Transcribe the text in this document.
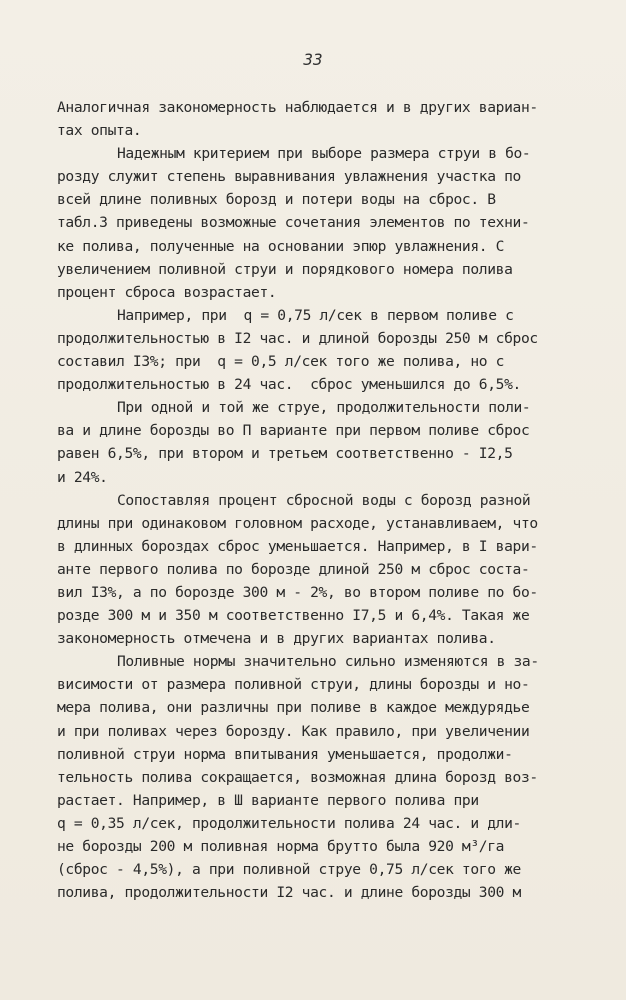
33
Аналогичная закономерность наблюдается и в других вариан-
тах опыта.
Надежным критерием при выборе размера струи в бо-
розду служит степень выравнивания увлажнения участка по
всей длине поливных борозд и потери воды на сброс. В
табл.3 приведены возможные сочетания элементов по техни-
ке полива, полученные на основании эпюр увлажнения. С
увеличением поливной струи и порядкового номера полива
процент сброса возрастает.
Например, при  q = 0,75 л/сек в первом поливе с
продолжительностью в I2 час. и длиной борозды 250 м сброс
составил I3%; при  q = 0,5 л/сек того же полива, но с
продолжительностью в 24 час.  сброс уменьшился до 6,5%.
При одной и той же струе, продолжительности поли-
ва и длине борозды во П варианте при первом поливе сброс
равен 6,5%, при втором и третьем соответственно - I2,5
и 24%.
Сопоставляя процент сбросной воды с борозд разной
длины при одинаковом головном расходе, устанавливаем, что
в длинных бороздах сброс уменьшается. Например, в I вари-
анте первого полива по борозде длиной 250 м сброс соста-
вил I3%, а по борозде 300 м - 2%, во втором поливе по бо-
розде 300 м и 350 м соответственно I7,5 и 6,4%. Такая же
закономерность отмечена и в других вариантах полива.
Поливные нормы значительно сильно изменяются в за-
висимости от размера поливной струи, длины борозды и но-
мера полива, они различны при поливе в каждое междурядье
и при поливах через борозду. Как правило, при увеличении
поливной струи норма впитывания уменьшается, продолжи-
тельность полива сокращается, возможная длина борозд воз-
растает. Например, в Ш варианте первого полива при
q = 0,35 л/сек, продолжительности полива 24 час. и дли-
не борозды 200 м поливная норма брутто была 920 м³/га
(сброс - 4,5%), а при поливной струе 0,75 л/сек того же
полива, продолжительности I2 час. и длине борозды 300 м
